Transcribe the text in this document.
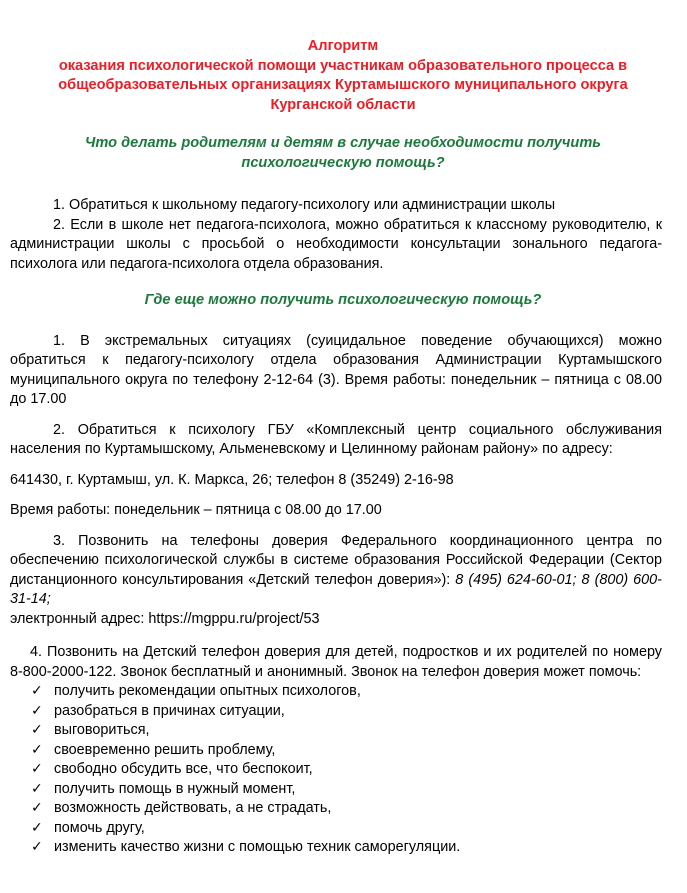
Алгоритм
оказания психологической помощи участникам образовательного процесса в
общеобразовательных организациях Куртамышского муниципального округа
Курганской области
Что делать родителям и детям в случае необходимости получить
психологическую помощь?

1. Обратиться к школьному педагогу-психологу или администрации школы

2. Если в школе нет педагога-психолога, можно обратиться к классному руководителю, к администрации школы с просьбой о необходимости консультации зонального педагога-психолога или педагога-психолога отдела образования.

Где еще можно получить психологическую помощь?

1. В экстремальных ситуациях (суицидальное поведение обучающихся) можно обратиться к педагогу-психологу отдела образования Администрации Куртамышского муниципального округа по телефону 2-12-64 (3). Время работы: понедельник – пятница с 08.00 до 17.00

2. Обратиться к психологу ГБУ «Комплексный центр социального обслуживания населения по Куртамышскому, Альменевскому и Целинному районам району» по адресу:

641430, г. Куртамыш, ул. К. Маркса, 26; телефон 8 (35249) 2-16-98

Время работы: понедельник – пятница с 08.00 до 17.00

3. Позвонить на телефоны доверия Федерального координационного центра по обеспечению психологической службы в системе образования Российской Федерации (Сектор дистанционного консультирования «Детский телефон доверия»): 8 (495) 624-60-01; 8 (800) 600-31-14;

электронный адрес: https://mgppu.ru/project/53

4. Позвонить на Детский телефон доверия для детей, подростков и их родителей по номеру 8-800-2000-122. Звонок бесплатный и анонимный. Звонок на телефон доверия может помочь:

✓ получить рекомендации опытных психологов,
✓ разобраться в причинах ситуации,
✓ выговориться,
✓ своевременно решить проблему,
✓ свободно обсудить все, что беспокоит,
✓ получить помощь в нужный момент,
✓ возможность действовать, а не страдать,
✓ помочь другу,
✓ изменить качество жизни с помощью техник саморегуляции.
